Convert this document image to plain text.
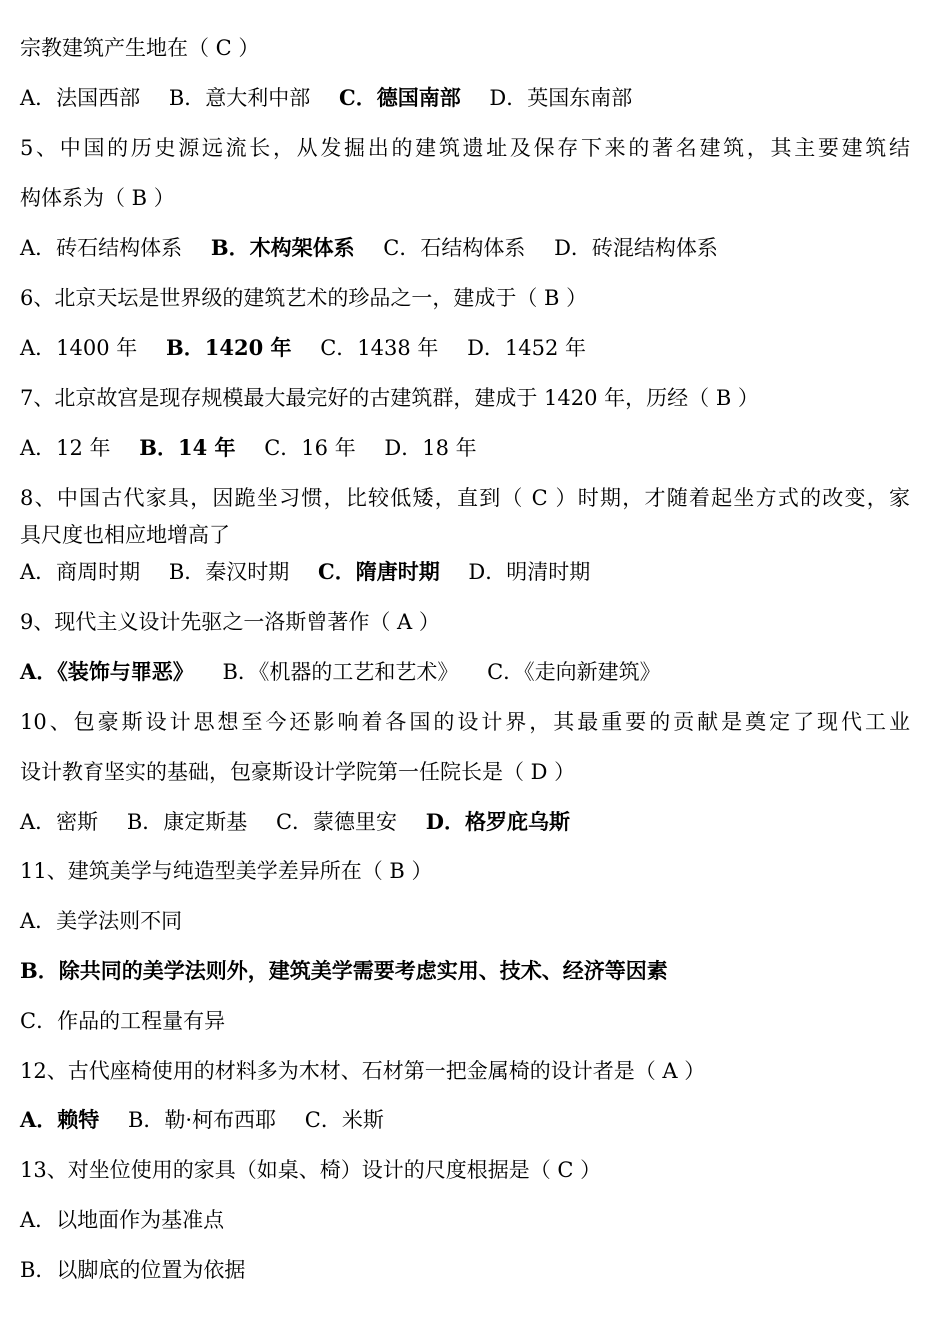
宗教建筑产生地在（ C ）
A．法国西部 B．意大利中部 C．德国南部 D．英国东南部
5、中国的历史源远流长，从发掘出的建筑遗址及保存下来的著名建筑，其主要建筑结
构体系为（ B ）
A．砖石结构体系 B．木构架体系 C．石结构体系 D．砖混结构体系
6、北京天坛是世界级的建筑艺术的珍品之一，建成于（ B ）
A．1400 年 B．1420 年 C．1438 年 D．1452 年
7、北京故宫是现存规模最大最完好的古建筑群，建成于 1420 年，历经（ B ）
A．12 年 B．14 年 C．16 年 D．18 年
8、中国古代家具，因跪坐习惯，比较低矮，直到（ C ）时期，才随着起坐方式的改变，家
具尺度也相应地增高了
A．商周时期 B．秦汉时期 C．隋唐时期 D．明清时期
9、现代主义设计先驱之一洛斯曾著作（ A ）
A．《装饰与罪恶》 B．《机器的工艺和艺术》 C．《走向新建筑》
10、包豪斯设计思想至今还影响着各国的设计界，其最重要的贡献是奠定了现代工业
设计教育坚实的基础，包豪斯设计学院第一任院长是（ D ）
A．密斯 B．康定斯基 C．蒙德里安 D．格罗庇乌斯
11、建筑美学与纯造型美学差异所在（ B ）
A．美学法则不同
B．除共同的美学法则外，建筑美学需要考虑实用、技术、经济等因素
C．作品的工程量有异
12、古代座椅使用的材料多为木材、石材第一把金属椅的设计者是（ A ）
A．赖特 B．勒·柯布西耶 C．米斯
13、对坐位使用的家具（如桌、椅）设计的尺度根据是（ C ）
A．以地面作为基准点
B．以脚底的位置为依据
